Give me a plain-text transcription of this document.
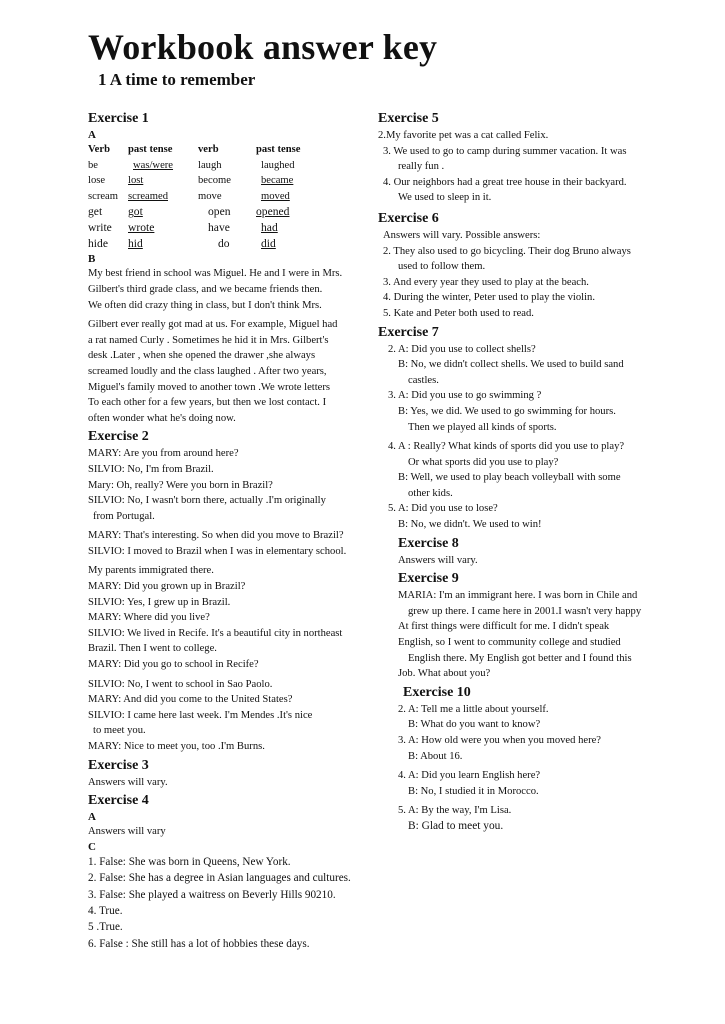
Workbook answer key
1 A time to remember
Exercise 1
A
Verb	past tense	verb	past tense
be	was/were	laugh	laughed
lose	lost	become	became
scream	screamed	move	moved
get	got	open	opened
write	wrote	have	had
hide	hid	do	did
B
My best friend in school was Miguel. He and I were in Mrs.
Gilbert's third grade class, and we became friends then.
We often did crazy thing in class, but I don't think Mrs.
Gilbert ever really got mad at us. For example, Miguel had
a rat named Curly . Sometimes he hid it in Mrs. Gilbert's
desk .Later , when she opened the drawer ,she always
screamed loudly and the class laughed . After two years,
Miguel's family moved to another town .We wrote letters
To each other for a few years, but then we lost contact. I
often wonder what he's doing now.
Exercise 2
MARY: Are you from around here?
SILVIO: No, I'm from Brazil.
Mary: Oh, really? Were you born in Brazil?
SILVIO: No, I wasn't born there, actually .I'm originally
from Portugal.
MARY: That's interesting. So when did you move to Brazil?
SILVIO: I moved to Brazil when I was in elementary school.
My parents immigrated there.
MARY: Did you grown up in Brazil?
SILVIO: Yes, I grew up in Brazil.
MARY: Where did you live?
SILVIO: We lived in Recife. It's a beautiful city in northeast
Brazil. Then I went to college.
MARY: Did you go to school in Recife?
SILVIO: No, I went to school in Sao Paolo.
MARY: And did you come to the United States?
SILVIO: I came here last week. I'm Mendes .It's nice
to meet you.
MARY: Nice to meet you, too .I'm Burns.
Exercise 3
Answers will vary.
Exercise 4
A
Answers will vary
C
1. False: She was born in Queens, New York.
2. False: She has a degree in Asian languages and cultures.
3. False: She played a waitress on Beverly Hills 90210.
4. True.
5 .True.
6. False : She still has a lot of hobbies these days.
Exercise 5
2.My favorite pet was a cat called Felix.
3. We used to go to camp during summer vacation. It was
really fun .
4. Our neighbors had a great tree house in their backyard.
We used to sleep in it.
Exercise 6
Answers will vary. Possible answers:
2. They also used to go bicycling. Their dog Bruno always
used to follow them.
3. And every year they used to play at the beach.
4. During the winter, Peter used to play the violin.
5. Kate and Peter both used to read.
Exercise 7
2. A: Did you use to collect shells?
B: No, we didn't collect shells. We used to build sand
castles.
3. A: Did you use to go swimming ?
B: Yes, we did. We used to go swimming for hours.
Then we played all kinds of sports.
4. A : Really? What kinds of sports did you use to play?
Or what sports did you use to play?
B: Well, we used to play beach volleyball with some
other kids.
5. A: Did you use to lose?
B: No, we didn't. We used to win!
Exercise 8
Answers will vary.
Exercise 9
MARIA: I'm an immigrant here. I was born in Chile and
grew up there. I came here in 2001.I wasn't very happy
At first things were difficult for me. I didn't speak
English, so I went to community college and studied
English there. My English got better and I found this
Job. What about you?
Exercise 10
2. A: Tell me a little about yourself.
B: What do you want to know?
3. A: How old were you when you moved here?
B: About 16.
4. A: Did you learn English here?
B: No, I studied it in Morocco.
5. A: By the way, I'm Lisa.
B: Glad to meet you.
